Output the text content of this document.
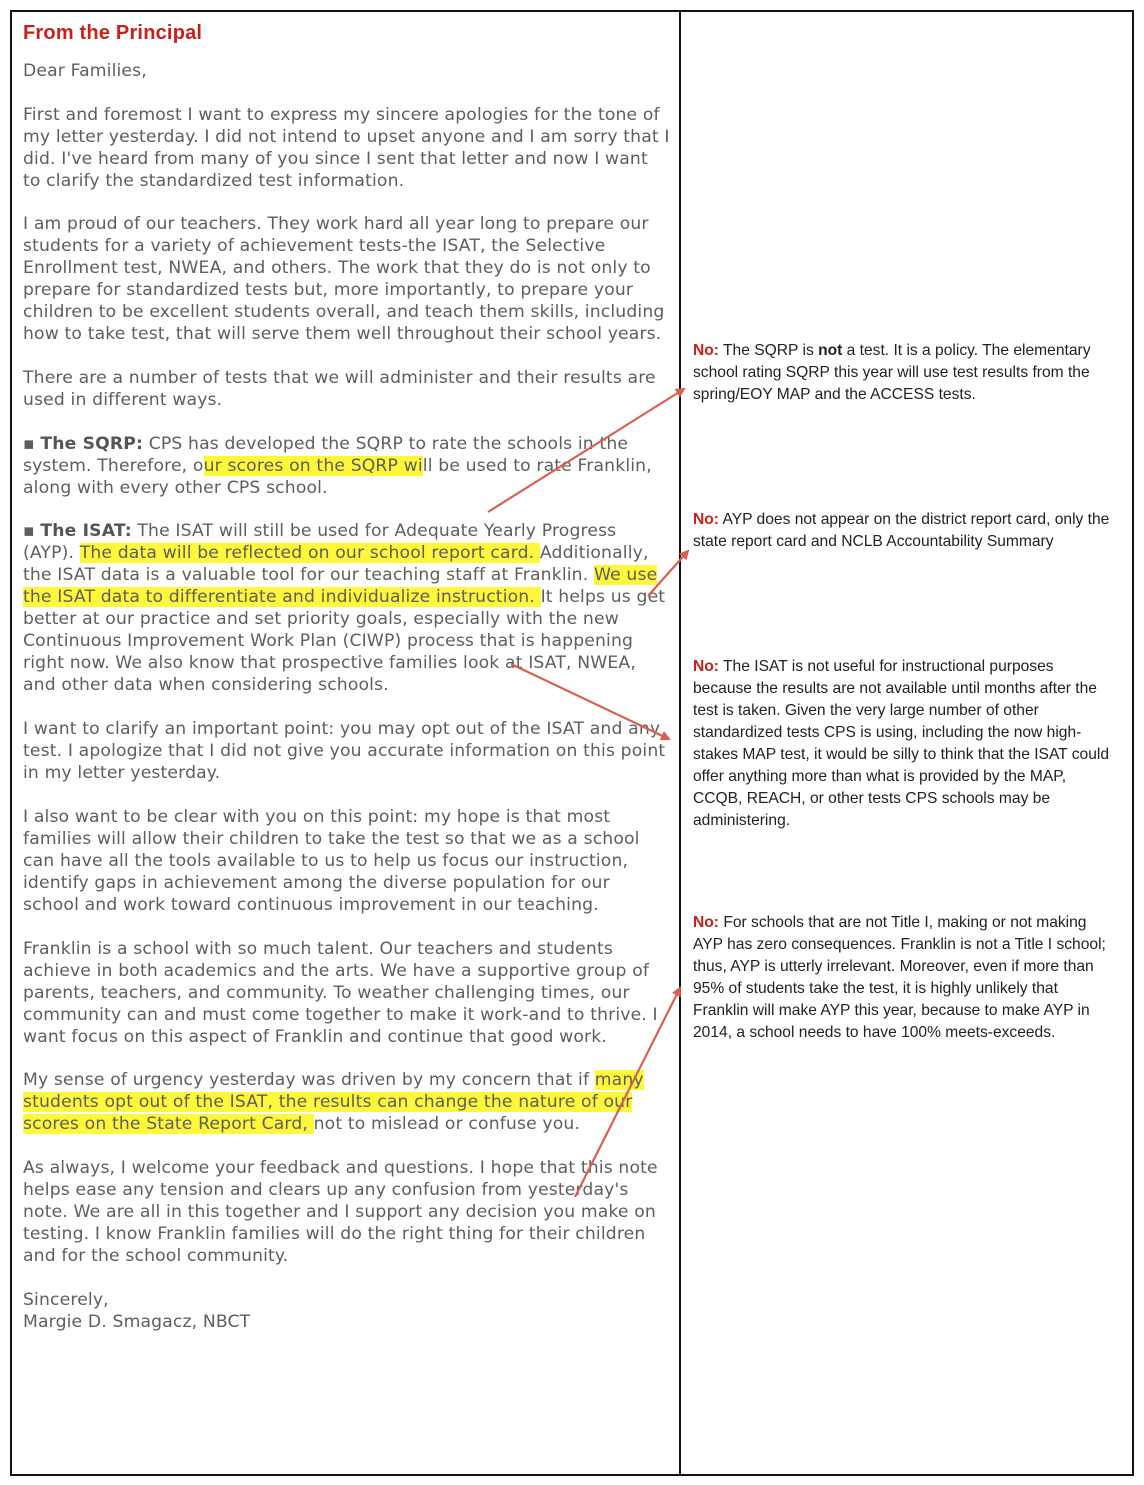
From the Principal

Dear Families,

First and foremost I want to express my sincere apologies for the tone of my letter yesterday. I did not intend to upset anyone and I am sorry that I did. I've heard from many of you since I sent that letter and now I want to clarify the standardized test information.

I am proud of our teachers. They work hard all year long to prepare our students for a variety of achievement tests-the ISAT, the Selective Enrollment test, NWEA, and others. The work that they do is not only to prepare for standardized tests but, more importantly, to prepare your children to be excellent students overall, and teach them skills, including how to take test, that will serve them well throughout their school years.

There are a number of tests that we will administer and their results are used in different ways.

▪ The SQRP: CPS has developed the SQRP to rate the schools in the system. Therefore, our scores on the SQRP will be used to rate Franklin, along with every other CPS school.

▪ The ISAT: The ISAT will still be used for Adequate Yearly Progress (AYP). The data will be reflected on our school report card. Additionally, the ISAT data is a valuable tool for our teaching staff at Franklin. We use the ISAT data to differentiate and individualize instruction. It helps us get better at our practice and set priority goals, especially with the new Continuous Improvement Work Plan (CIWP) process that is happening right now. We also know that prospective families look at ISAT, NWEA, and other data when considering schools.

I want to clarify an important point: you may opt out of the ISAT and any test. I apologize that I did not give you accurate information on this point in my letter yesterday.

I also want to be clear with you on this point: my hope is that most families will allow their children to take the test so that we as a school can have all the tools available to us to help us focus our instruction, identify gaps in achievement among the diverse population for our school and work toward continuous improvement in our teaching.

Franklin is a school with so much talent. Our teachers and students achieve in both academics and the arts. We have a supportive group of parents, teachers, and community. To weather challenging times, our community can and must come together to make it work-and to thrive. I want focus on this aspect of Franklin and continue that good work.

My sense of urgency yesterday was driven by my concern that if many students opt out of the ISAT, the results can change the nature of our scores on the State Report Card, not to mislead or confuse you.

As always, I welcome your feedback and questions. I hope that this note helps ease any tension and clears up any confusion from yesterday's note. We are all in this together and I support any decision you make on testing. I know Franklin families will do the right thing for their children and for the school community.

Sincerely,
Margie D. Smagacz, NBCT
No: The SQRP is not a test. It is a policy. The elementary school rating SQRP this year will use test results from the spring/EOY MAP and the ACCESS tests.
No: AYP does not appear on the district report card, only the state report card and NCLB Accountability Summary
No: The ISAT is not useful for instructional purposes because the results are not available until months after the test is taken. Given the very large number of other standardized tests CPS is using, including the now high-stakes MAP test, it would be silly to think that the ISAT could offer anything more than what is provided by the MAP, CCQB, REACH, or other tests CPS schools may be administering.
No: For schools that are not Title I, making or not making AYP has zero consequences. Franklin is not a Title I school; thus, AYP is utterly irrelevant. Moreover, even if more than 95% of students take the test, it is highly unlikely that Franklin will make AYP this year, because to make AYP in 2014, a school needs to have 100% meets-exceeds.
